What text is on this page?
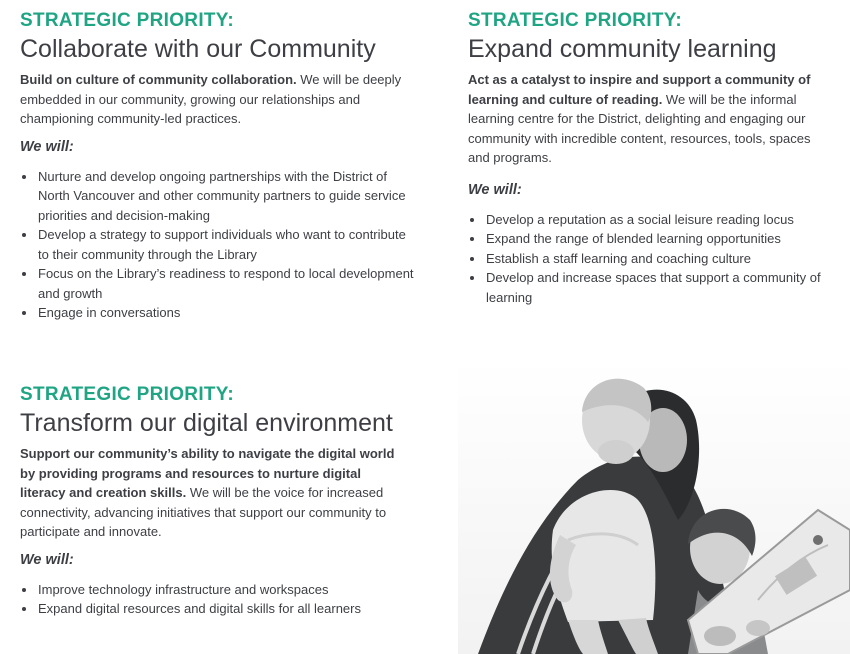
STRATEGIC PRIORITY:

Collaborate with our Community

Build on culture of community collaboration. We will be deeply embedded in our community, growing our relationships and championing community-led practices.

We will:

Nurture and develop ongoing partnerships with the District of North Vancouver and other community partners to guide service priorities and decision-making
Develop a strategy to support individuals who want to contribute to their community through the Library
Focus on the Library’s readiness to respond to local development and growth
Engage in conversations

STRATEGIC PRIORITY:

Expand community learning

Act as a catalyst to inspire and support a community of learning and culture of reading. We will be the informal learning centre for the District, delighting and engaging our community with incredible content, resources, tools, spaces and programs.

We will:

Develop a reputation as a social leisure reading locus
Expand the range of blended learning opportunities
Establish a staff learning and coaching culture
Develop and increase spaces that support a community of learning

STRATEGIC PRIORITY:

Transform our digital environment

Support our community’s ability to navigate the digital world by providing programs and resources to nurture digital literacy and creation skills. We will be the voice for increased connectivity, advancing initiatives that support our community to participate and innovate.

We will:

Improve technology infrastructure and workspaces
Expand digital resources and digital skills for all learners
